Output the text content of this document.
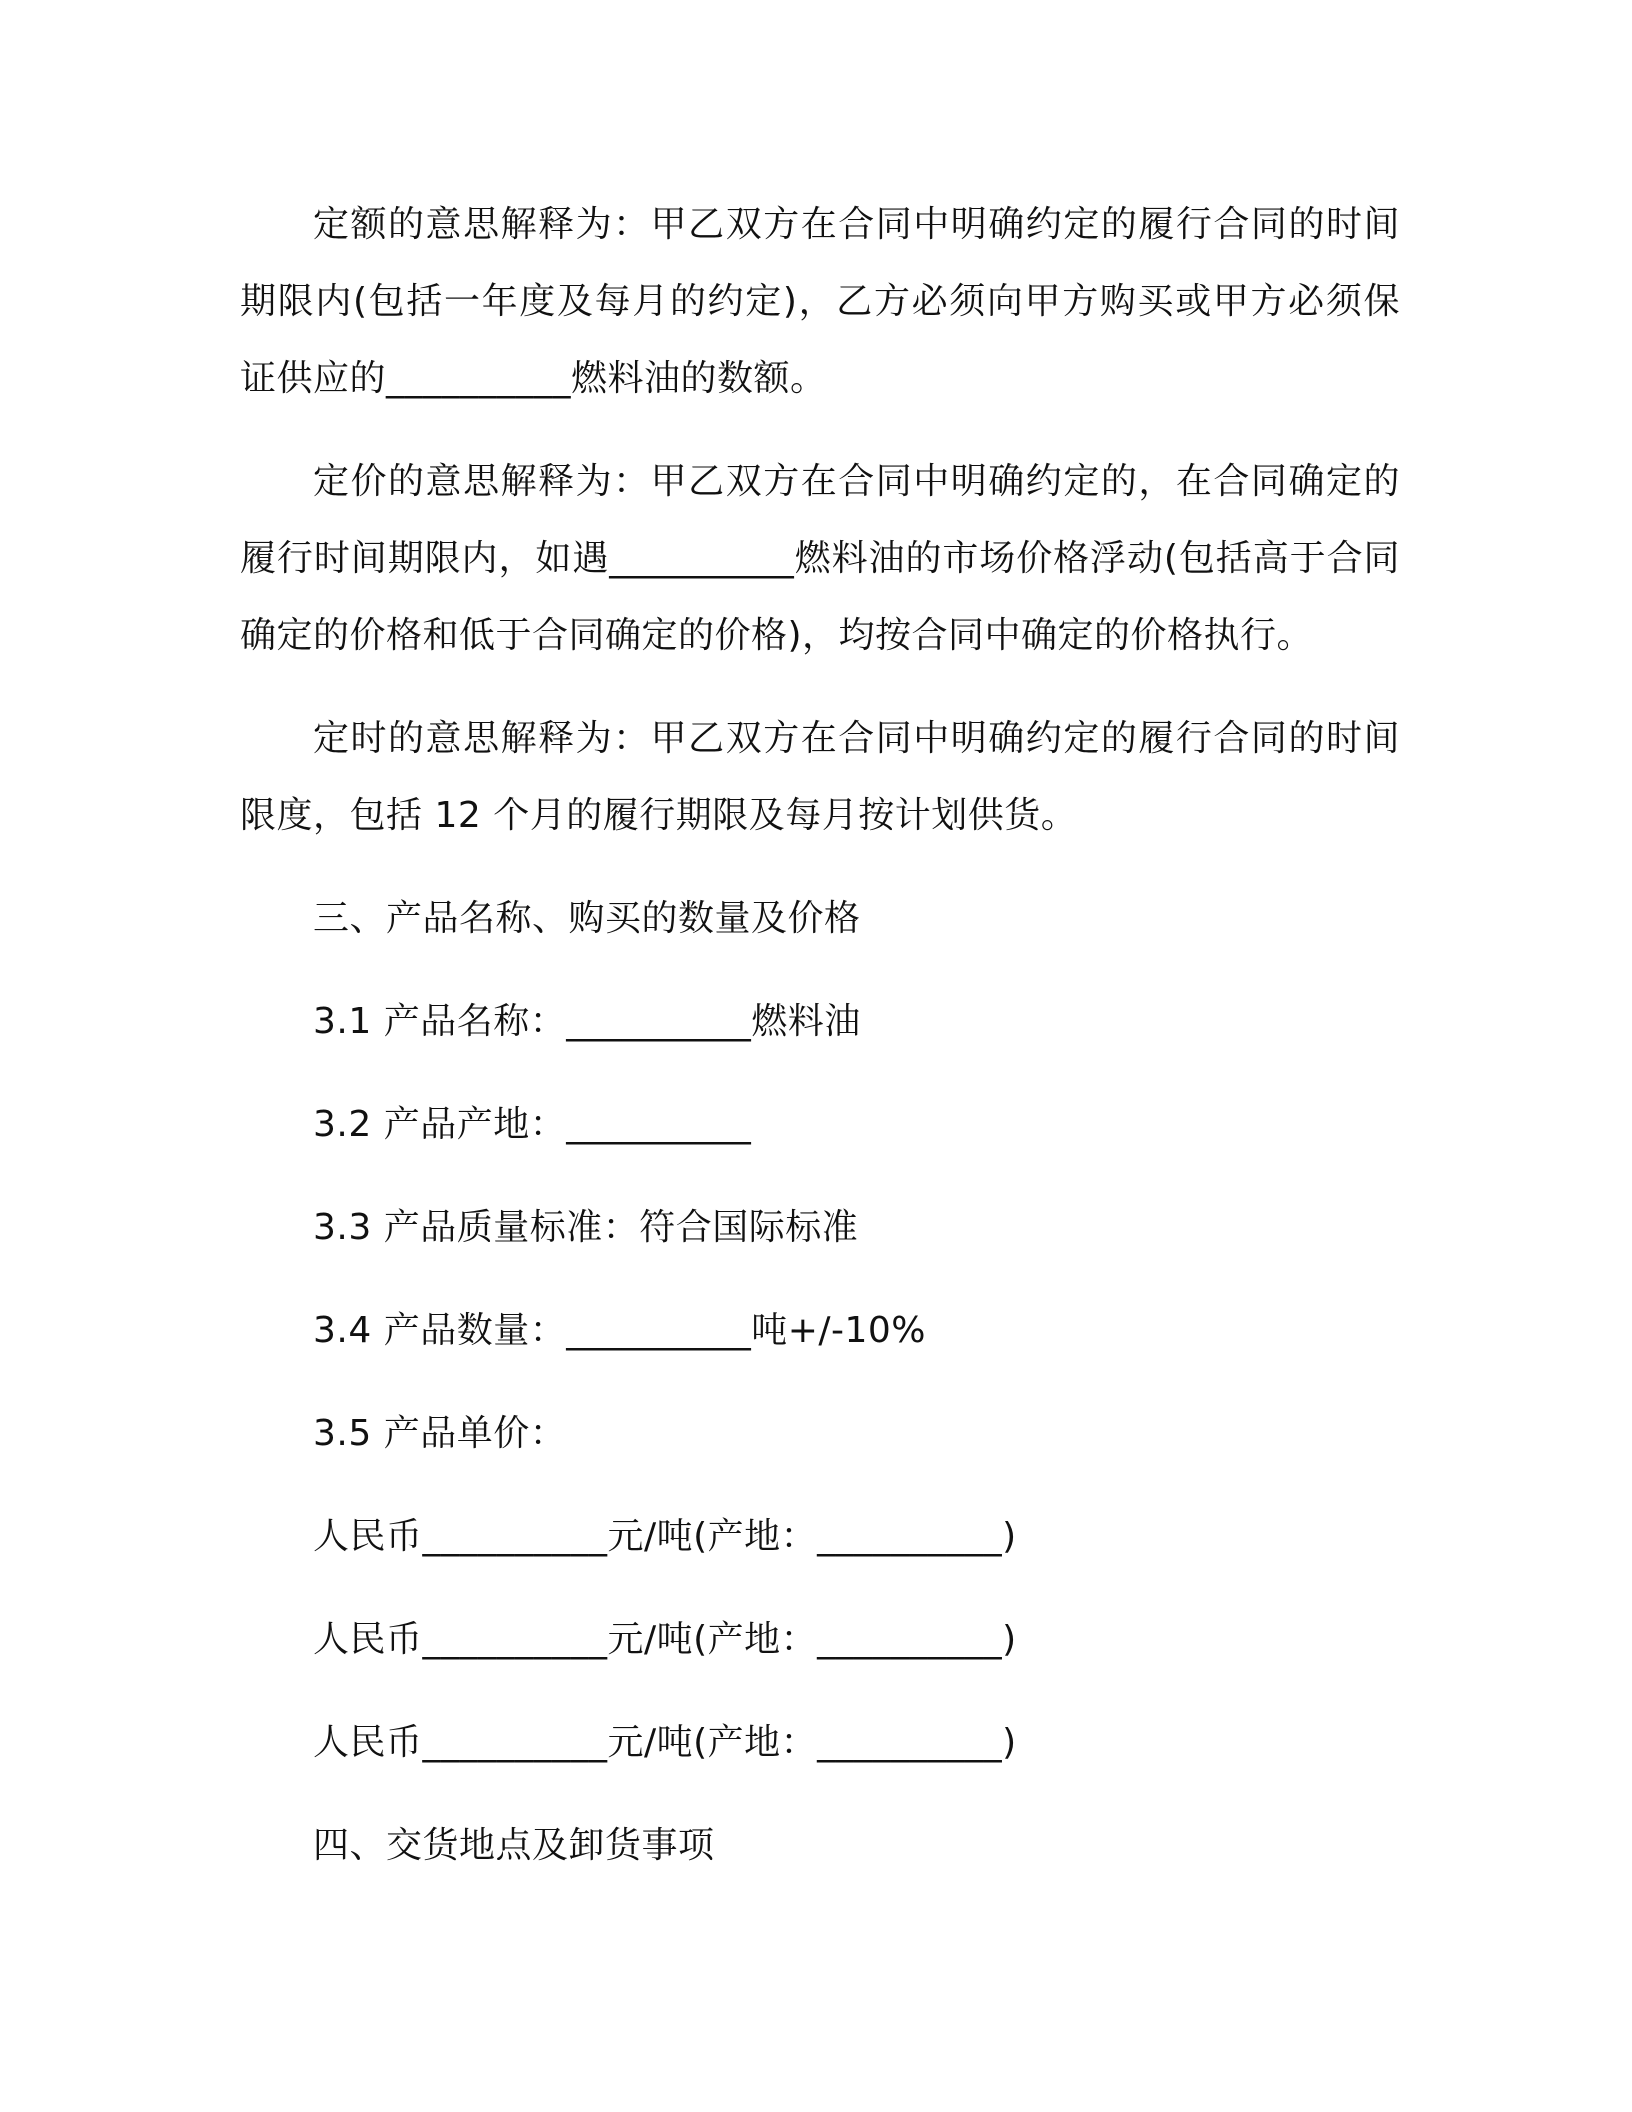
定额的意思解释为：甲乙双方在合同中明确约定的履行合同的时间期限内(包括一年度及每月的约定)，乙方必须向甲方购买或甲方必须保证供应的__________燃料油的数额。

定价的意思解释为：甲乙双方在合同中明确约定的，在合同确定的履行时间期限内，如遇__________燃料油的市场价格浮动(包括高于合同确定的价格和低于合同确定的价格)，均按合同中确定的价格执行。

定时的意思解释为：甲乙双方在合同中明确约定的履行合同的时间限度，包括 12 个月的履行期限及每月按计划供货。

三、产品名称、购买的数量及价格
3.1 产品名称：__________燃料油
3.2 产品产地：__________
3.3 产品质量标准：符合国际标准
3.4 产品数量：__________吨+/-10%
3.5 产品单价：
人民币__________元/吨(产地：__________)
人民币__________元/吨(产地：__________)
人民币__________元/吨(产地：__________)
四、交货地点及卸货事项
